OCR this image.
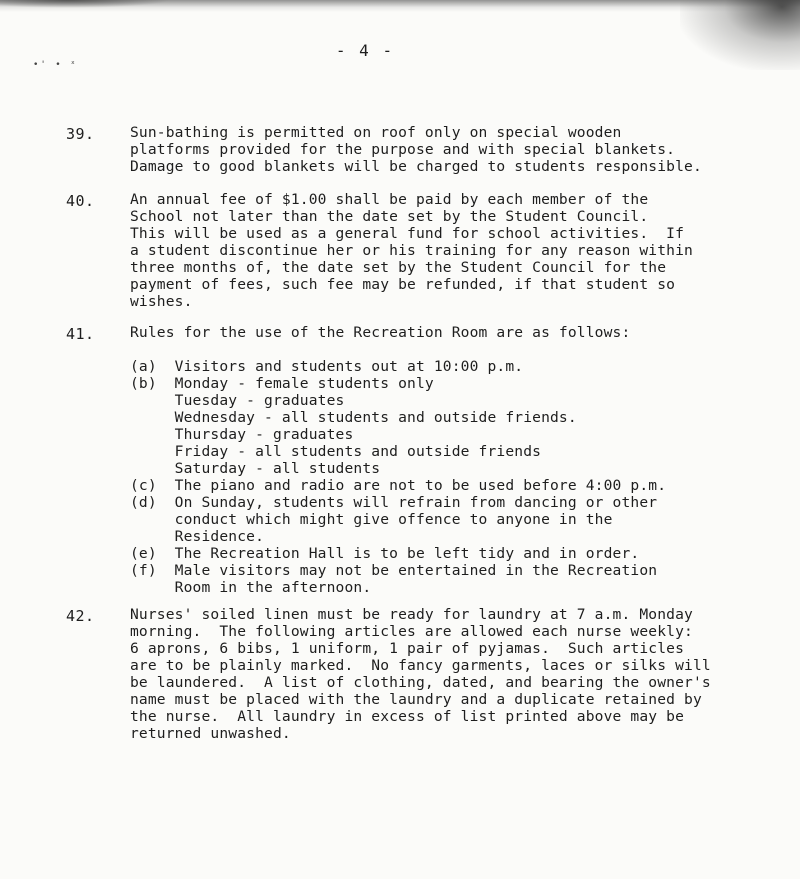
•' • ˣ
- 4 -
39. Sun-bathing is permitted on roof only on special wooden
platforms provided for the purpose and with special blankets.
Damage to good blankets will be charged to students responsible.
40. An annual fee of $1.00 shall be paid by each member of the
School not later than the date set by the Student Council.
This will be used as a general fund for school activities.  If
a student discontinue her or his training for any reason within
three months of, the date set by the Student Council for the
payment of fees, such fee may be refunded, if that student so
wishes.
41. Rules for the use of the Recreation Room are as follows:
(a)  Visitors and students out at 10:00 p.m.
(b)  Monday - female students only
Tuesday - graduates
Wednesday - all students and outside friends.
Thursday - graduates
Friday - all students and outside friends
Saturday - all students
(c)  The piano and radio are not to be used before 4:00 p.m.
(d)  On Sunday, students will refrain from dancing or other
conduct which might give offence to anyone in the
Residence.
(e)  The Recreation Hall is to be left tidy and in order.
(f)  Male visitors may not be entertained in the Recreation
Room in the afternoon.
42. Nurses' soiled linen must be ready for laundry at 7 a.m. Monday
morning.  The following articles are allowed each nurse weekly:
6 aprons, 6 bibs, 1 uniform, 1 pair of pyjamas.  Such articles
are to be plainly marked.  No fancy garments, laces or silks will
be laundered.  A list of clothing, dated, and bearing the owner's
name must be placed with the laundry and a duplicate retained by
the nurse.  All laundry in excess of list printed above may be
returned unwashed.
